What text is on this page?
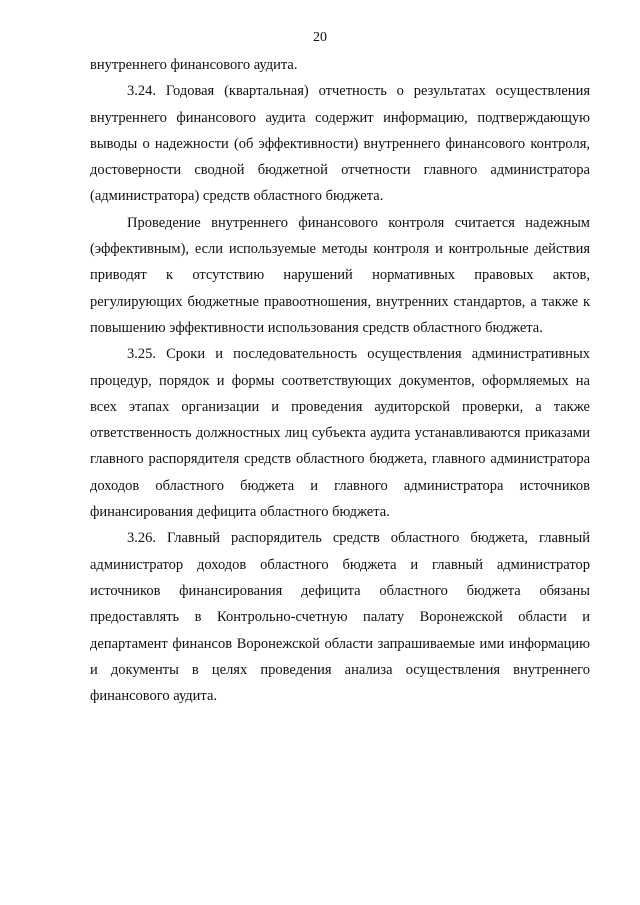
20

внутреннего финансового аудита.

3.24. Годовая (квартальная) отчетность о результатах осуществления внутреннего финансового аудита содержит информацию, подтверждающую выводы о надежности (об эффективности) внутреннего финансового контроля, достоверности сводной бюджетной отчетности главного администратора (администратора) средств областного бюджета.

Проведение внутреннего финансового контроля считается надежным (эффективным), если используемые методы контроля и контрольные действия приводят к отсутствию нарушений нормативных правовых актов, регулирующих бюджетные правоотношения, внутренних стандартов, а также к повышению эффективности использования средств областного бюджета.

3.25. Сроки и последовательность осуществления административных процедур, порядок и формы соответствующих документов, оформляемых на всех этапах организации и проведения аудиторской проверки, а также ответственность должностных лиц субъекта аудита устанавливаются приказами главного распорядителя средств областного бюджета, главного администратора доходов областного бюджета и главного администратора источников финансирования дефицита областного бюджета.

3.26. Главный распорядитель средств областного бюджета, главный администратор доходов областного бюджета и главный администратор источников финансирования дефицита областного бюджета обязаны предоставлять в Контрольно-счетную палату Воронежской области и департамент финансов Воронежской области запрашиваемые ими информацию и документы в целях проведения анализа осуществления внутреннего финансового аудита.
